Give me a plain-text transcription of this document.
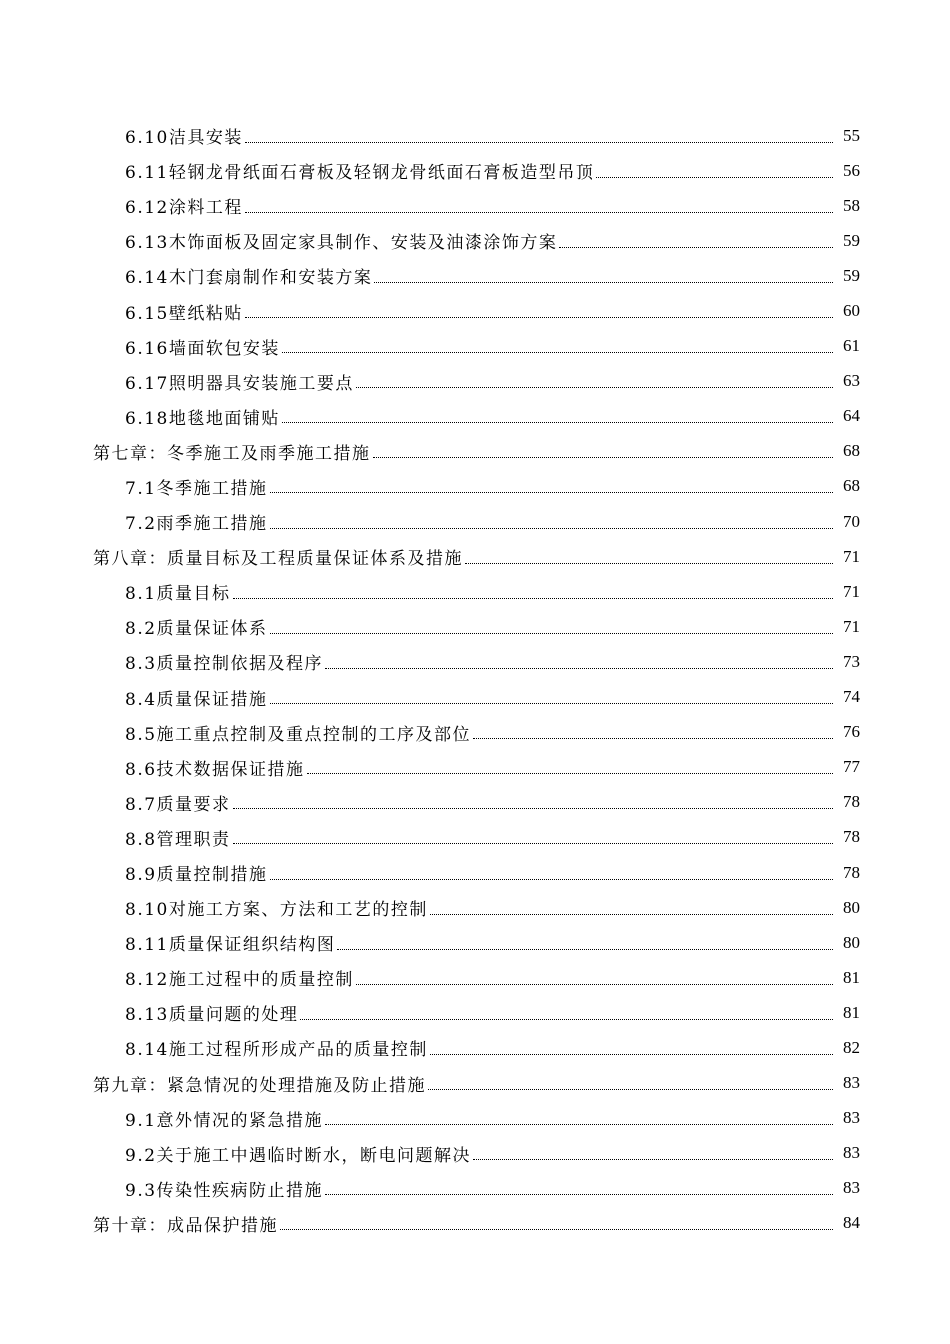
6.10洁具安装	55
6.11轻钢龙骨纸面石膏板及轻钢龙骨纸面石膏板造型吊顶	56
6.12涂料工程	58
6.13木饰面板及固定家具制作、安装及油漆涂饰方案	59
6.14木门套扇制作和安装方案	59
6.15壁纸粘贴	60
6.16墙面软包安装	61
6.17照明器具安装施工要点	63
6.18地毯地面铺贴	64
第七章：冬季施工及雨季施工措施	68
7.1冬季施工措施	68
7.2雨季施工措施	70
第八章：质量目标及工程质量保证体系及措施	71
8.1质量目标	71
8.2质量保证体系	71
8.3质量控制依据及程序	73
8.4质量保证措施	74
8.5施工重点控制及重点控制的工序及部位	76
8.6技术数据保证措施	77
8.7质量要求	78
8.8管理职责	78
8.9质量控制措施	78
8.10对施工方案、方法和工艺的控制	80
8.11质量保证组织结构图	80
8.12施工过程中的质量控制	81
8.13质量问题的处理	81
8.14施工过程所形成产品的质量控制	82
第九章：紧急情况的处理措施及防止措施	83
9.1意外情况的紧急措施	83
9.2关于施工中遇临时断水，断电问题解决	83
9.3传染性疾病防止措施	83
第十章：成品保护措施	84
